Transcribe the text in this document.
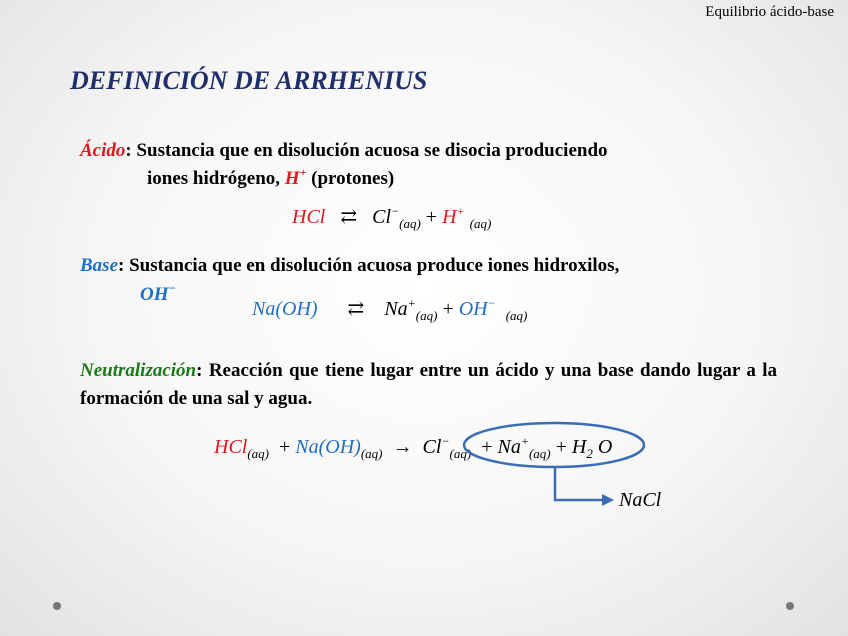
Equilibrio ácido-base
DEFINICIÓN DE ARRHENIUS
Ácido: Sustancia que en disolución acuosa se disocia produciendo
iones hidrógeno, H+ (protones)
HCl ⇄ $Cl^-_{(aq)} + H^+$ $_{(aq)}$
Base: Sustancia que en disolución acuosa produce iones hidroxilos,
OH−
Na(OH) ⇄ $Na^+_{(aq)} + OH^-$  $_{(aq)}$
Neutralización: Reacción que tiene lugar entre un ácido y una base dando lugar a la formación de una sal y agua.
$HCl_{(aq)} + Na(OH)_{(aq)} \to Cl^-_{(aq)} + Na^+_{(aq)} + H_2$ O
NaCl
